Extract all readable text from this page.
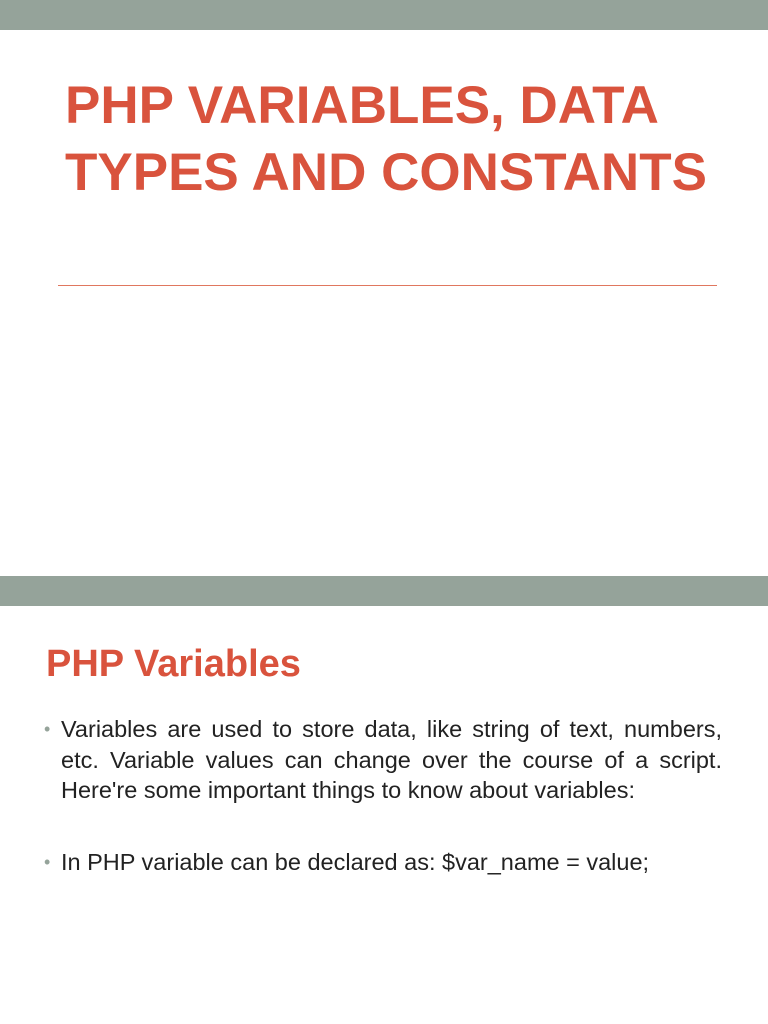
PHP VARIABLES, DATA TYPES AND CONSTANTS
PHP Variables
• Variables are used to store data, like string of text, numbers, etc. Variable values can change over the course of a script. Here're some important things to know about variables:
• In PHP variable can be declared as: $var_name = value;
